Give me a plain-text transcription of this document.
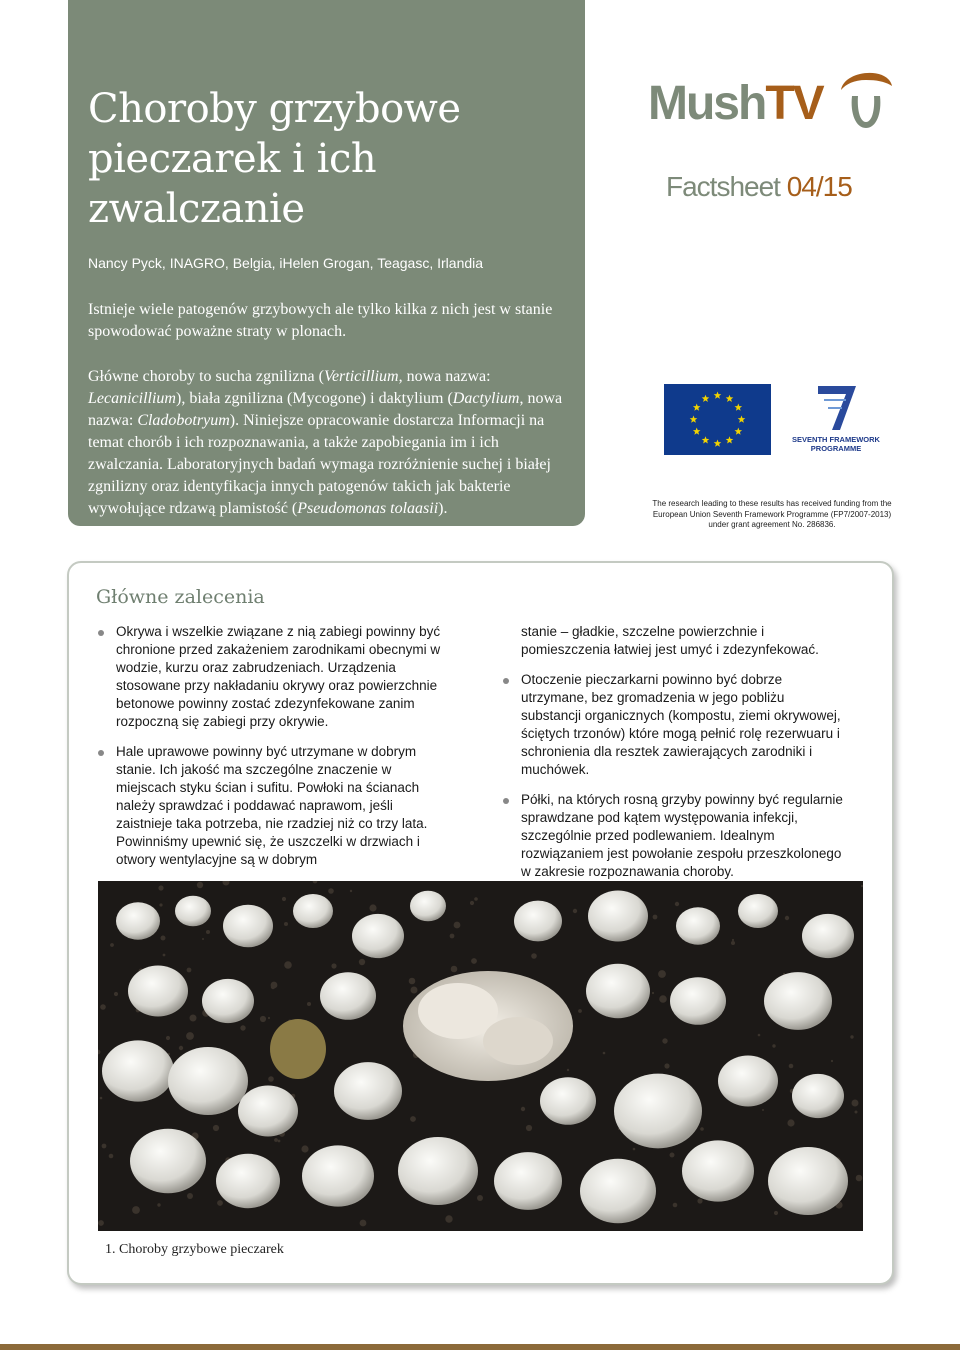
Choroby grzybowe pieczarek i ich zwalczanie
Nancy Pyck, INAGRO, Belgia, iHelen Grogan, Teagasc, Irlandia

Istnieje wiele patogenów grzybowych ale tylko kilka z nich jest w stanie spowodować poważne straty w plonach.

Główne choroby to sucha zgnilizna (Verticillium, nowa nazwa: Lecanicillium), biała zgnilizna (Mycogone) i daktylium (Dactylium, nowa nazwa: Cladobotryum). Niniejsze opracowanie dostarcza Informacji na temat chorób i ich rozpoznawania, a także zapobiegania im i ich zwalczania. Laboratoryjnych badań wymaga rozróżnienie suchej i białej zgnilizny oraz identyfikacja innych patogenów takich jak bakterie wywołujące rdzawą plamistość (Pseudomonas tolaasii).

MushTV
Factsheet 04/15
SEVENTH FRAMEWORK
PROGRAMME
The research leading to these results has received funding from the European Union Seventh Framework Programme (FP7/2007-2013) under grant agreement No. 286836.
Główne zalecenia
Okrywa i wszelkie związane z nią zabiegi powinny być chronione przed zakażeniem zarodnikami obecnymi w wodzie, kurzu oraz zabrudzeniach. Urządzenia stosowane przy nakładaniu okrywy oraz powierzchnie betonowe powinny zostać zdezynfekowane zanim rozpoczną się zabiegi przy okrywie.
Hale uprawowe powinny być utrzymane w dobrym stanie. Ich jakość ma szczególne znaczenie w miejscach styku ścian i sufitu. Powłoki na ścianach należy sprawdzać i poddawać naprawom, jeśli zaistnieje taka potrzeba, nie rzadziej niż co trzy lata. Powinniśmy upewnić się, że uszczelki w drzwiach i otwory wentylacyjne są w dobrym
stanie – gładkie, szczelne powierzchnie i pomieszczenia łatwiej jest umyć i zdezynfekować.
Otoczenie pieczarkarni powinno być dobrze utrzymane, bez gromadzenia w jego pobliżu substancji organicznych (kompostu, ziemi okrywowej, ściętych trzonów) które mogą pełnić rolę rezerwuaru i schronienia dla resztek zawierających zarodniki i muchówek.
Półki, na których rosną grzyby powinny być regularnie sprawdzane pod kątem występowania infekcji, szczególnie przed podlewaniem. Idealnym rozwiązaniem jest powołanie zespołu przeszkolonego w zakresie rozpoznawania choroby.
1. Choroby grzybowe pieczarek
